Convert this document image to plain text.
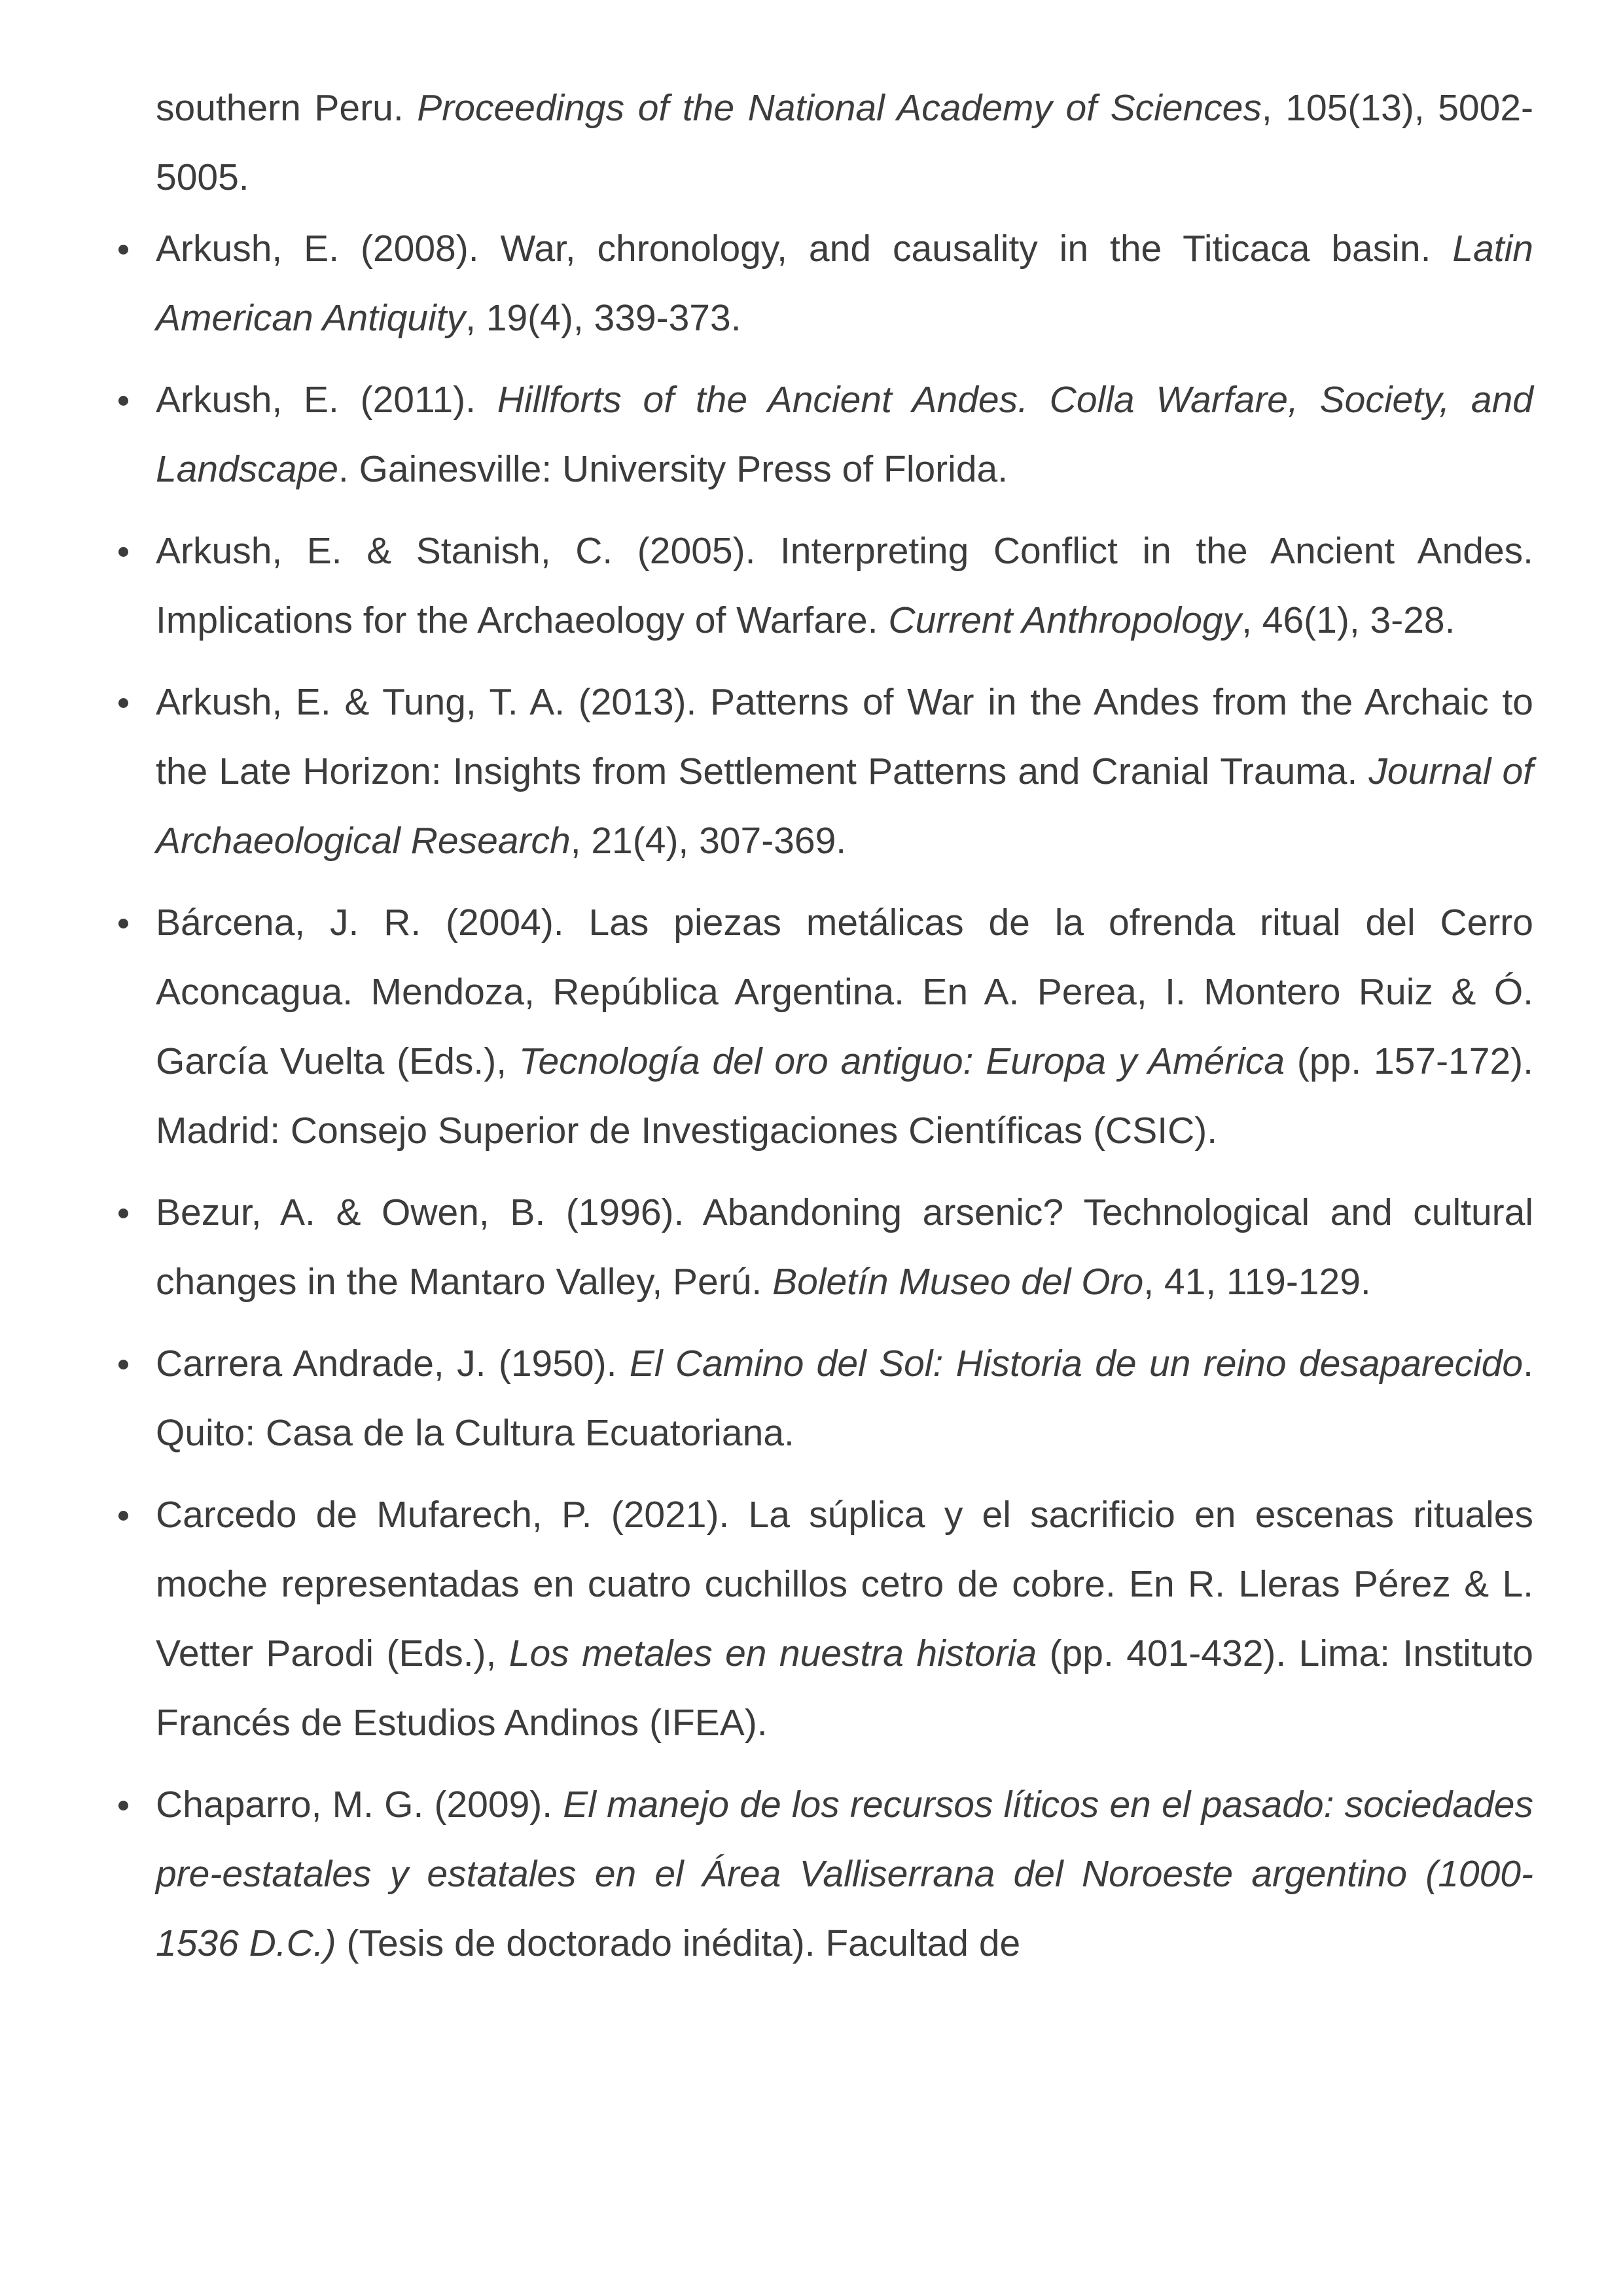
southern Peru. Proceedings of the National Academy of Sciences, 105(13), 5002-5005.

Arkush, E. (2008). War, chronology, and causality in the Titicaca basin. Latin American Antiquity, 19(4), 339-373.
Arkush, E. (2011). Hillforts of the Ancient Andes. Colla Warfare, Society, and Landscape. Gainesville: University Press of Florida.
Arkush, E. & Stanish, C. (2005). Interpreting Conflict in the Ancient Andes. Implications for the Archaeology of Warfare. Current Anthropology, 46(1), 3-28.
Arkush, E. & Tung, T. A. (2013). Patterns of War in the Andes from the Archaic to the Late Horizon: Insights from Settlement Patterns and Cranial Trauma. Journal of Archaeological Research, 21(4), 307-369.
Bárcena, J. R. (2004). Las piezas metálicas de la ofrenda ritual del Cerro Aconcagua. Mendoza, República Argentina. En A. Perea, I. Montero Ruiz & Ó. García Vuelta (Eds.), Tecnología del oro antiguo: Europa y América (pp. 157-172). Madrid: Consejo Superior de Investigaciones Científicas (CSIC).
Bezur, A. & Owen, B. (1996). Abandoning arsenic? Technological and cultural changes in the Mantaro Valley, Perú. Boletín Museo del Oro, 41, 119-129.
Carrera Andrade, J. (1950). El Camino del Sol: Historia de un reino desaparecido. Quito: Casa de la Cultura Ecuatoriana.
Carcedo de Mufarech, P. (2021). La súplica y el sacrificio en escenas rituales moche representadas en cuatro cuchillos cetro de cobre. En R. Lleras Pérez & L. Vetter Parodi (Eds.), Los metales en nuestra historia (pp. 401-432). Lima: Instituto Francés de Estudios Andinos (IFEA).
Chaparro, M. G. (2009). El manejo de los recursos líticos en el pasado: sociedades pre-estatales y estatales en el Área Valliserrana del Noroeste argentino (1000-1536 D.C.) (Tesis de doctorado inédita). Facultad de
